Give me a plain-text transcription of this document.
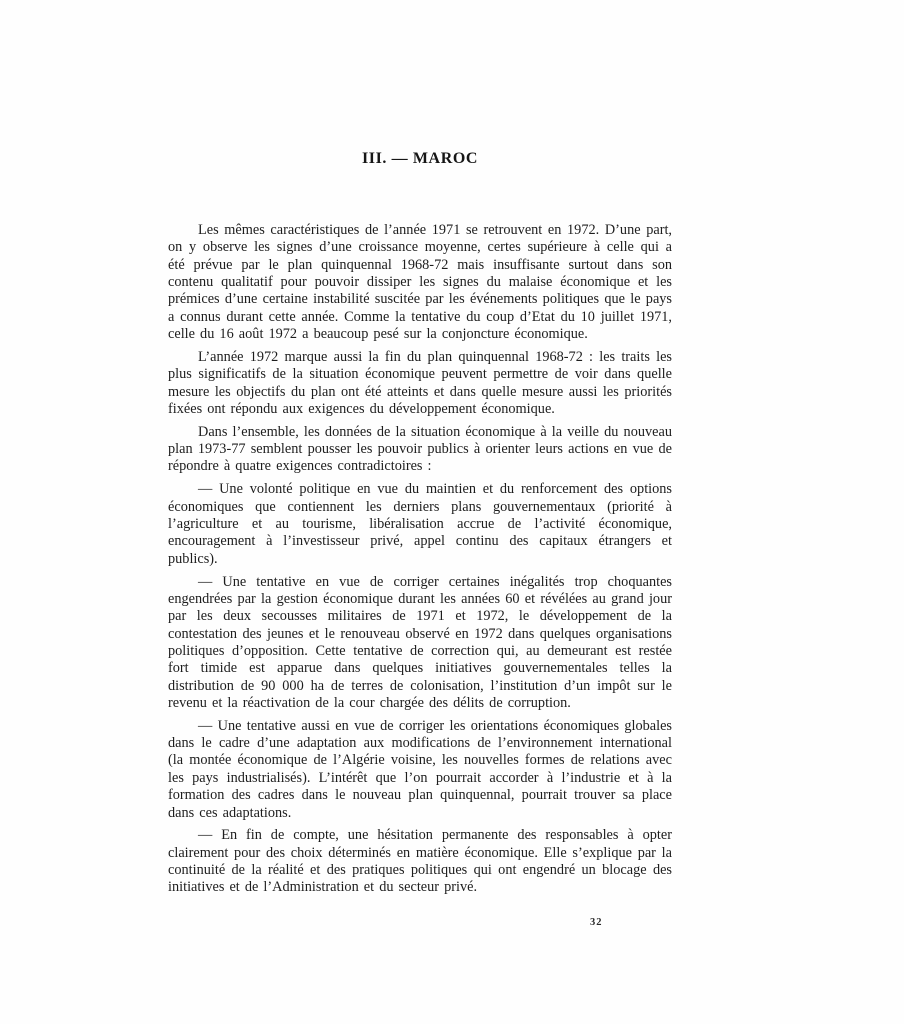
III. — MAROC

Les mêmes caractéristiques de l’année 1971 se retrouvent en 1972. D’une part, on y observe les signes d’une croissance moyenne, certes supérieure à celle qui a été prévue par le plan quinquennal 1968-72 mais insuffisante surtout dans son contenu qualitatif pour pouvoir dissiper les signes du malaise économique et les prémices d’une certaine instabilité suscitée par les événements politiques que le pays a connus durant cette année. Comme la tentative du coup d’Etat du 10 juillet 1971, celle du 16 août 1972 a beaucoup pesé sur la conjoncture économique.

L’année 1972 marque aussi la fin du plan quinquennal 1968-72 : les traits les plus significatifs de la situation économique peuvent permettre de voir dans quelle mesure les objectifs du plan ont été atteints et dans quelle mesure aussi les priorités fixées ont répondu aux exigences du développement économique.

Dans l’ensemble, les données de la situation économique à la veille du nouveau plan 1973-77 semblent pousser les pouvoir publics à orienter leurs actions en vue de répondre à quatre exigences contradictoires :

— Une volonté politique en vue du maintien et du renforcement des options économiques que contiennent les derniers plans gouvernementaux (priorité à l’agriculture et au tourisme, libéralisation accrue de l’activité économique, encouragement à l’investisseur privé, appel continu des capitaux étrangers et publics).

— Une tentative en vue de corriger certaines inégalités trop choquantes engendrées par la gestion économique durant les années 60 et révélées au grand jour par les deux secousses militaires de 1971 et 1972, le développement de la contestation des jeunes et le renouveau observé en 1972 dans quelques organisations politiques d’opposition. Cette tentative de correction qui, au demeurant est restée fort timide est apparue dans quelques initiatives gouvernementales telles la distribution de 90 000 ha de terres de colonisation, l’institution d’un impôt sur le revenu et la réactivation de la cour chargée des délits de corruption.

— Une tentative aussi en vue de corriger les orientations économiques globales dans le cadre d’une adaptation aux modifications de l’environnement international (la montée économique de l’Algérie voisine, les nouvelles formes de relations avec les pays industrialisés). L’intérêt que l’on pourrait accorder à l’industrie et à la formation des cadres dans le nouveau plan quinquennal, pourrait trouver sa place dans ces adaptations.

— En fin de compte, une hésitation permanente des responsables à opter clairement pour des choix déterminés en matière économique. Elle s’explique par la continuité de la réalité et des pratiques politiques qui ont engendré un blocage des initiatives et de l’Administration et du secteur privé.

32
